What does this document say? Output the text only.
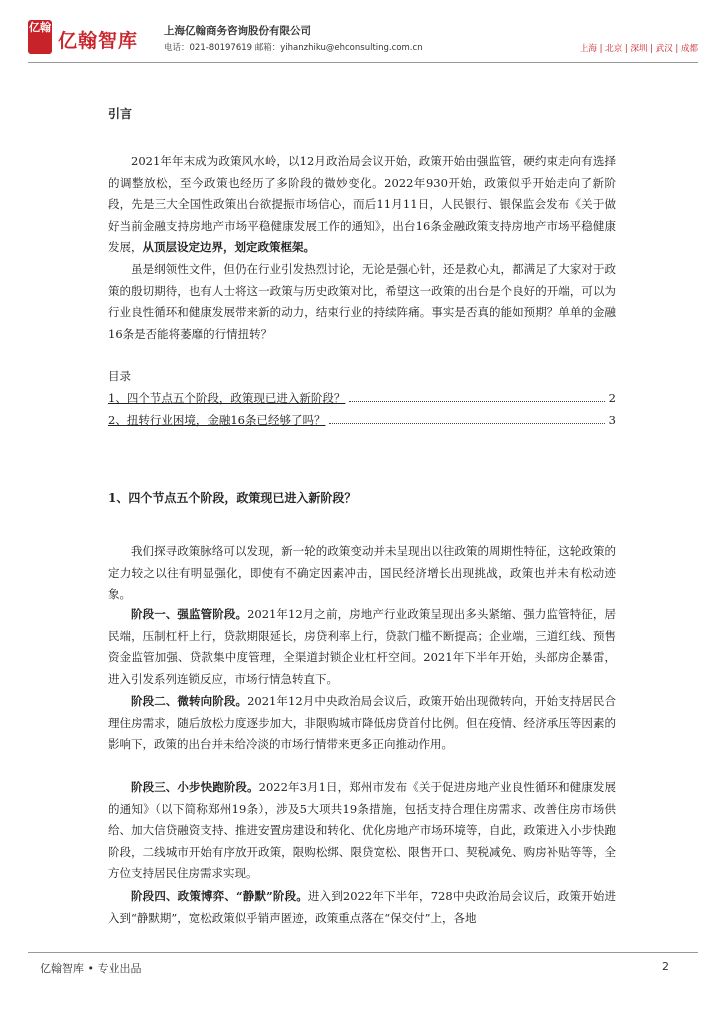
亿翰
亿翰智库 上海亿翰商务咨询股份有限公司
电话：021-80197619 邮箱：yihanzhiku@ehconsulting.com.cn	上海 | 北京 | 深圳 | 武汉 | 成都
引言
2021年年末成为政策风水岭，以12月政治局会议开始，政策开始由强监管，硬约束走向有选择的调整放松，至今政策也经历了多阶段的微妙变化。2022年930开始，政策似乎开始走向了新阶段，先是三大全国性政策出台欲提振市场信心，而后11月11日，人民银行、银保监会发布《关于做好当前金融支持房地产市场平稳健康发展工作的通知》，出台16条金融政策支持房地产市场平稳健康发展，从顶层设定边界，划定政策框架。
虽是纲领性文件，但仍在行业引发热烈讨论，无论是强心针，还是救心丸，都满足了大家对于政策的殷切期待，也有人士将这一政策与历史政策对比，希望这一政策的出台是个良好的开端，可以为行业良性循环和健康发展带来新的动力，结束行业的持续阵痛。事实是否真的能如预期？单单的金融16条是否能将萎靡的行情扭转？
目录
1、四个节点五个阶段，政策现已进入新阶段？	2
2、扭转行业困境，金融16条已经够了吗？	3
1、四个节点五个阶段，政策现已进入新阶段？
我们探寻政策脉络可以发现，新一轮的政策变动并未呈现出以往政策的周期性特征，这轮政策的定力较之以往有明显强化，即使有不确定因素冲击，国民经济增长出现挑战，政策也并未有松动迹象。
阶段一、强监管阶段。2021年12月之前，房地产行业政策呈现出多头紧缩、强力监管特征，居民端，压制杠杆上行，贷款期限延长，房贷利率上行，贷款门槛不断提高；企业端，三道红线、预售资金监管加强、贷款集中度管理，全渠道封锁企业杠杆空间。2021年下半年开始，头部房企暴雷，进入引发系列连锁反应，市场行情急转直下。
阶段二、微转向阶段。2021年12月中央政治局会议后，政策开始出现微转向，开始支持居民合理住房需求，随后放松力度逐步加大，非限购城市降低房贷首付比例。但在疫情、经济承压等因素的影响下，政策的出台并未给冷淡的市场行情带来更多正向推动作用。
阶段三、小步快跑阶段。2022年3月1日，郑州市发布《关于促进房地产业良性循环和健康发展的通知》（以下简称郑州19条），涉及5大项共19条措施，包括支持合理住房需求、改善住房市场供给、加大信贷融资支持、推进安置房建设和转化、优化房地产市场环境等，自此，政策进入小步快跑阶段，二线城市开始有序放开政策，限购松绑、限贷宽松、限售开口、契税减免、购房补贴等等，全方位支持居民住房需求实现。
阶段四、政策博弈、“静默”阶段。进入到2022年下半年，728中央政治局会议后，政策开始进入到“静默期”，宽松政策似乎销声匿迹，政策重点落在“保交付”上，各地
亿翰智库 • 专业出品	2
